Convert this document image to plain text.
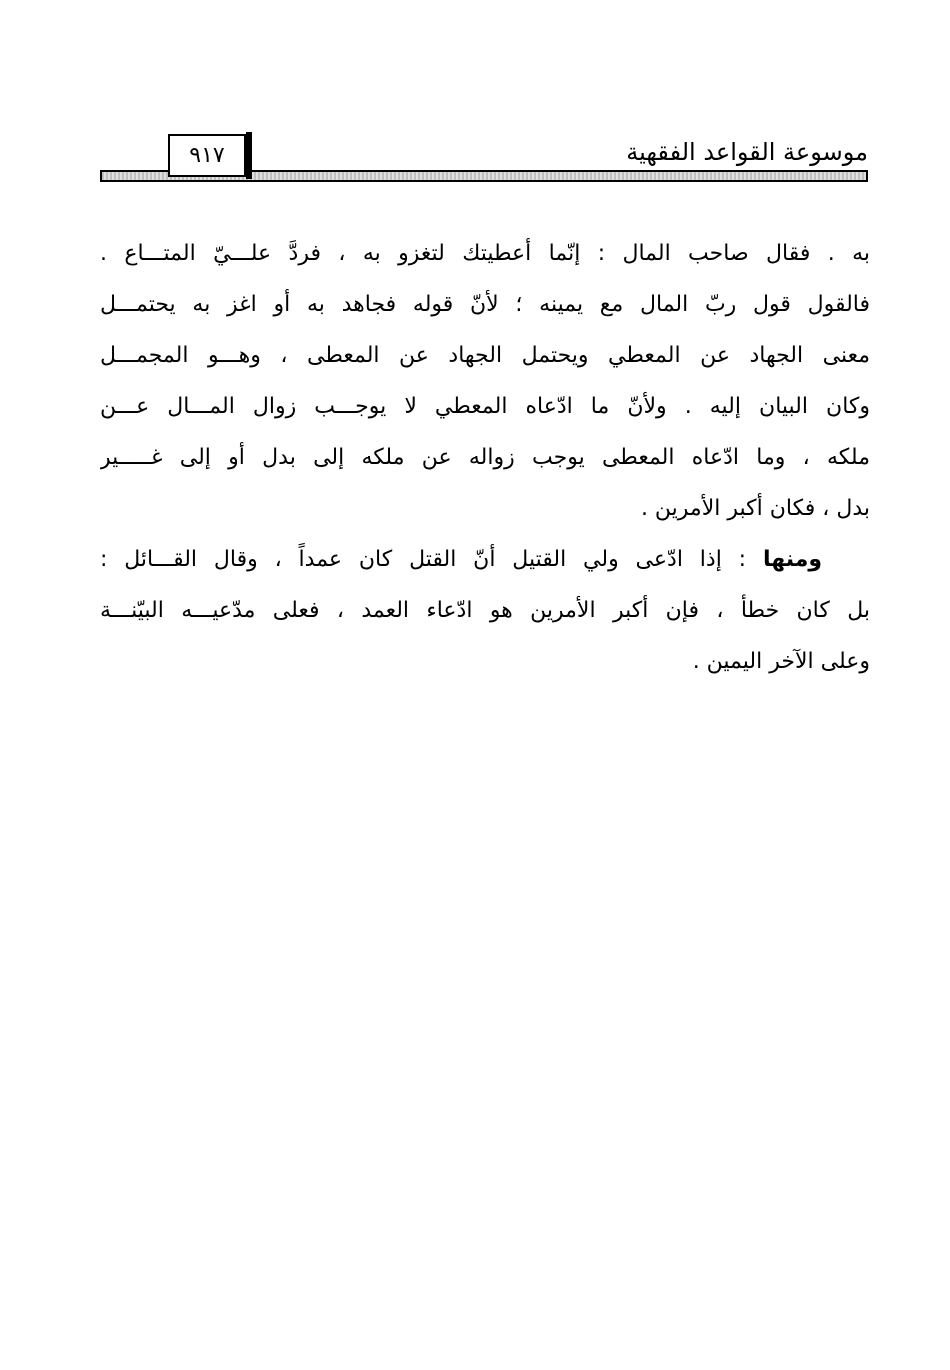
موسوعة القواعد الفقهية
٩١٧
به . فقال صاحب المال : إنّما أعطيتك لتغزو به ، فردَّ علـــيّ المتـــاع .
فالقول قول ربّ المال مع يمينه ؛ لأنّ قوله فجاهد به أو اغز به يحتمـــل
معنى الجهاد عن المعطي ويحتمل الجهاد عن المعطى ، وهـــو المجمـــل
وكان البيان إليه . ولأنّ ما ادّعاه المعطي لا يوجـــب زوال المـــال عـــن
ملكه ، وما ادّعاه المعطى يوجب زواله عن ملكه إلى بدل أو إلى غـــــير
بدل ، فكان أكبر الأمرين .
ومنها : إذا ادّعى ولي القتيل أنّ القتل كان عمداً ، وقال القـــائل :
بل كان خطأ ، فإن أكبر الأمرين هو ادّعاء العمد ، فعلى مدّعيـــه البيّنـــة
وعلى الآخر اليمين .
